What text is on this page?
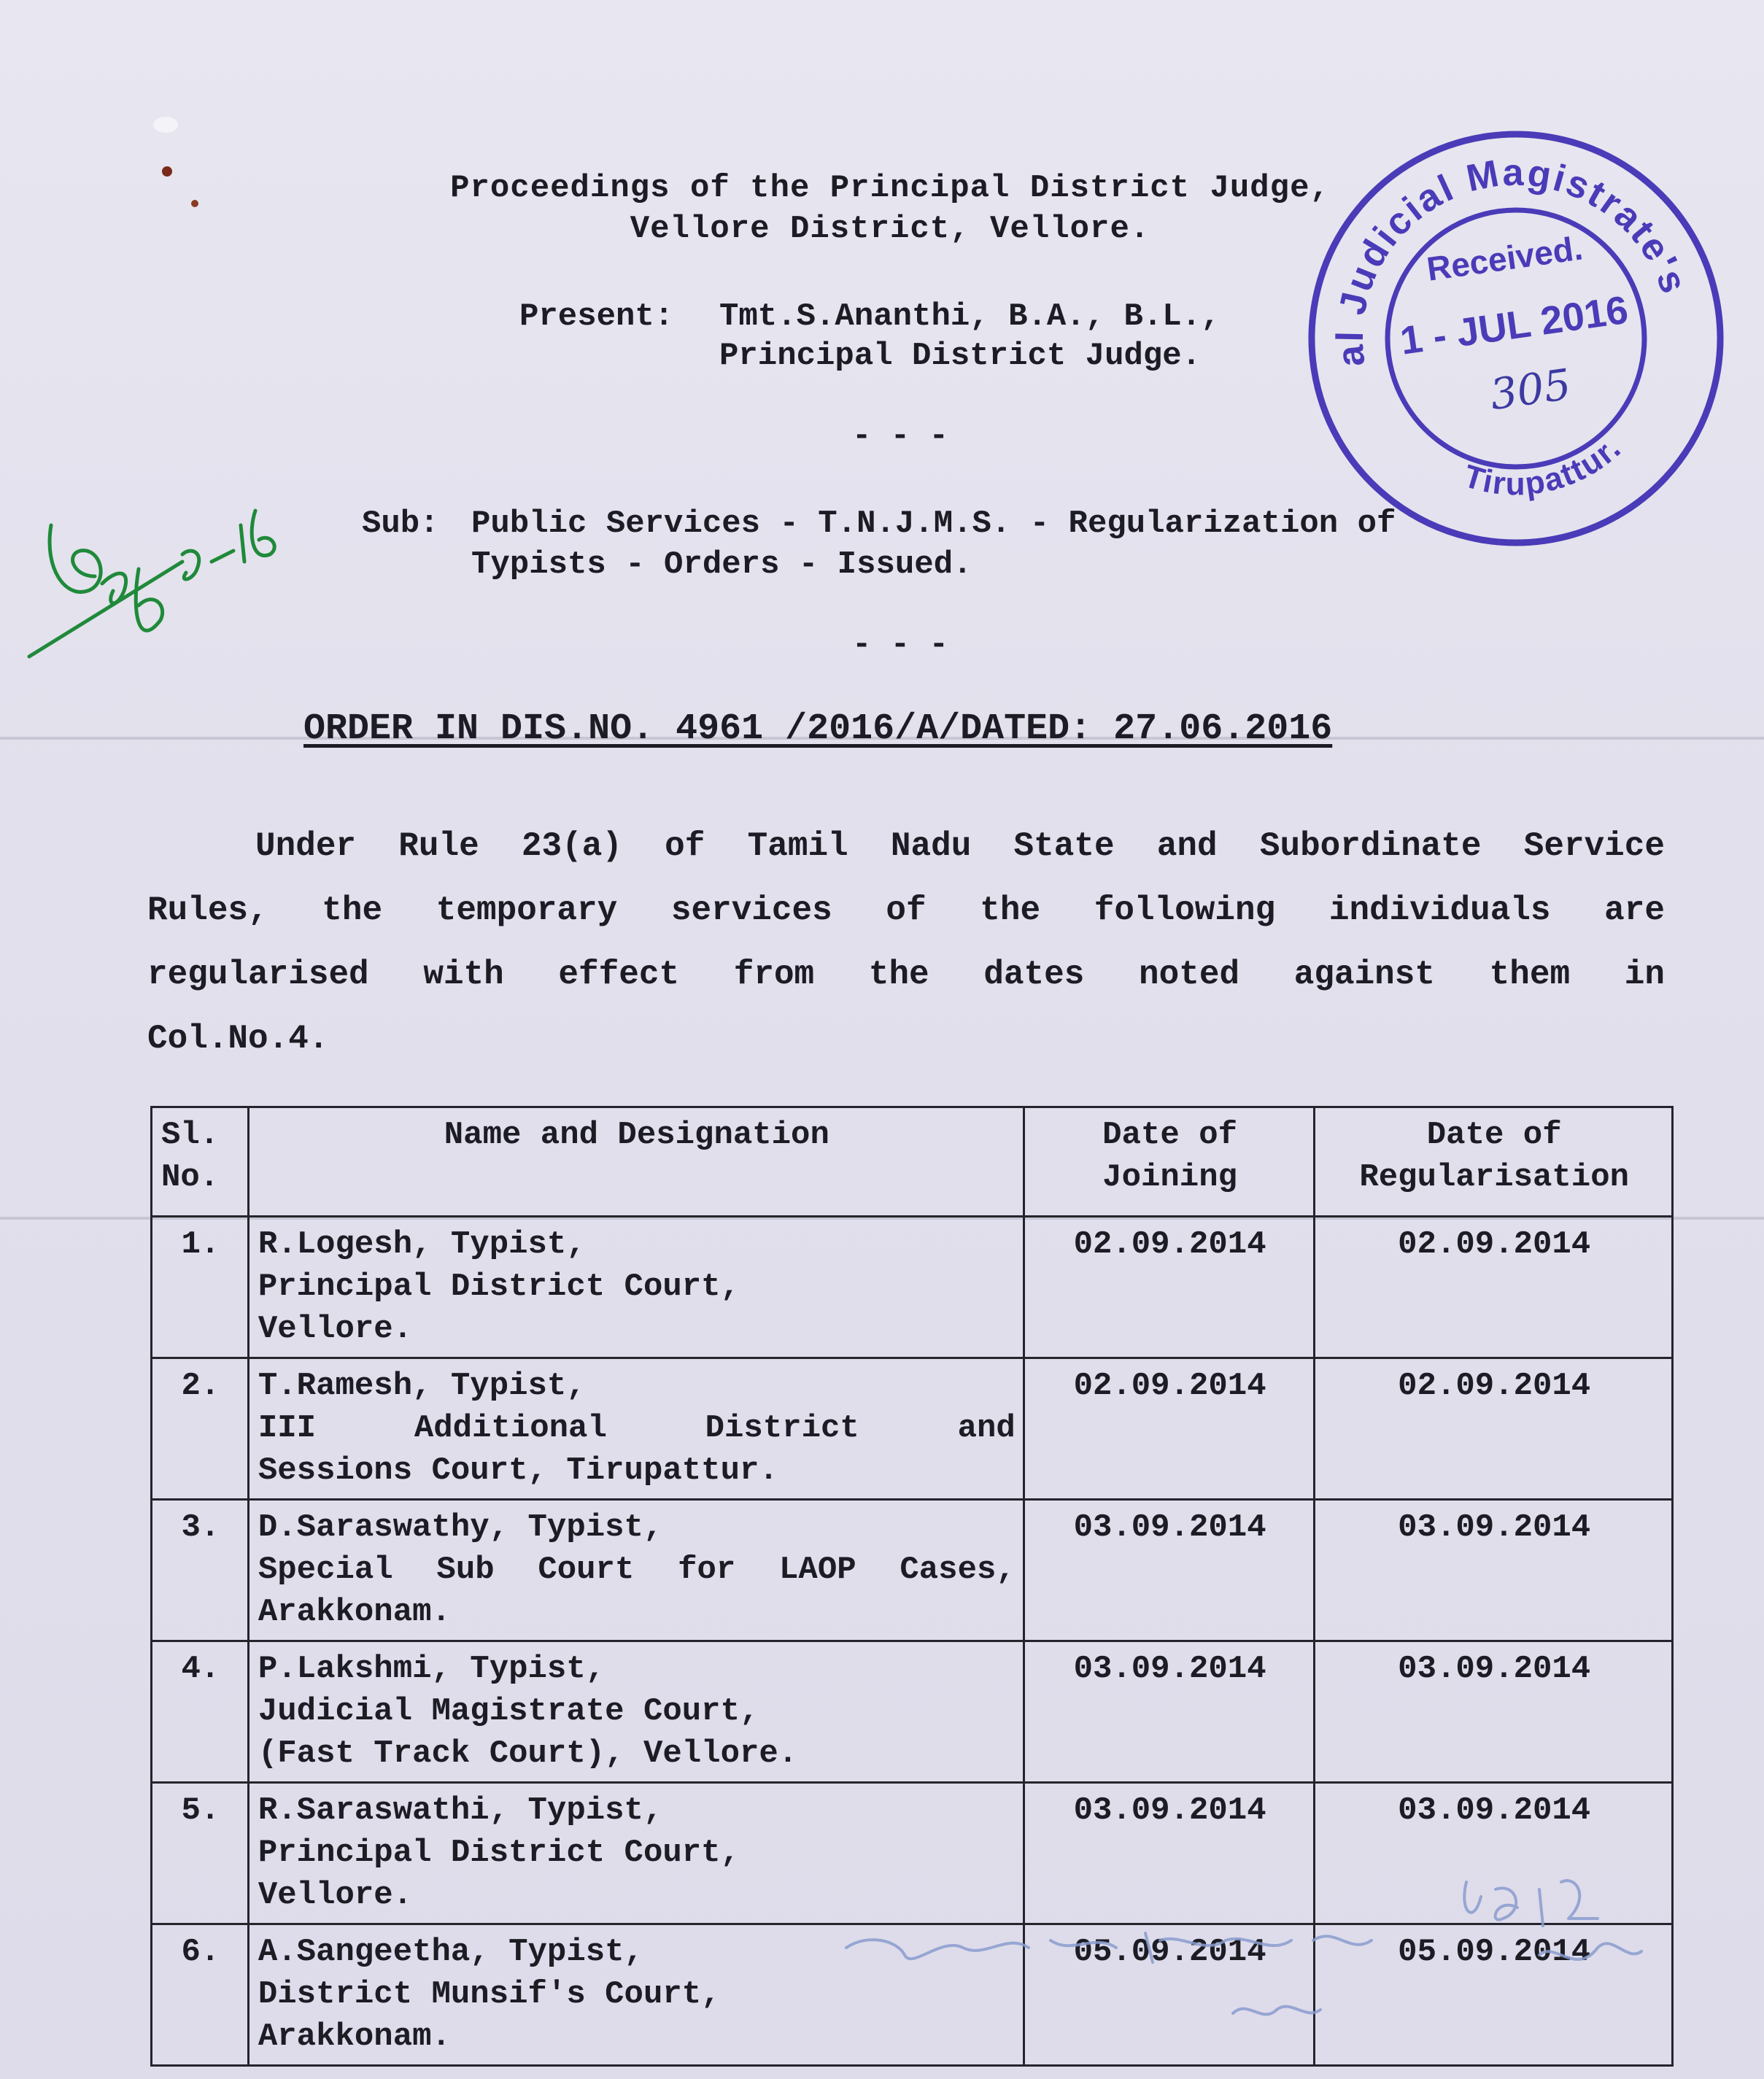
Proceedings of the Principal District Judge,
Vellore District, Vellore.
Present: Tmt.S.Ananthi, B.A., B.L.,
Principal District Judge.
- - -
Sub: Public Services - T.N.J.M.S. - Regularization of
Typists - Orders - Issued.
- - -
ORDER IN DIS.NO. 4961 /2016/A/DATED: 27.06.2016
Under Rule 23(a) of Tamil Nadu State and Subordinate Service
Rules, the temporary services of the following individuals are
regularised with effect from the dates noted against them in
Col.No.4.
Sl. No.	Name and Designation	Date of Joining	Date of Regularisation
1.	R.Logesh, Typist,
Principal District Court,
Vellore.	02.09.2014	02.09.2014
2.	T.Ramesh, Typist,
III Additional District and
Sessions Court, Tirupattur.	02.09.2014	02.09.2014
3.	D.Saraswathy, Typist,
Special Sub Court for LAOP Cases,
Arakkonam.	03.09.2014	03.09.2014
4.	P.Lakshmi, Typist,
Judicial Magistrate Court,
(Fast Track Court), Vellore.	03.09.2014	03.09.2014
5.	R.Saraswathi, Typist,
Principal District Court,
Vellore.	03.09.2014	03.09.2014
6.	A.Sangeetha, Typist,
District Munsif's Court,
Arakkonam.	05.09.2014	05.09.2014
Special Judicial Magistrate's
Tirupattur.
Received.
1 - JUL 2016
305
